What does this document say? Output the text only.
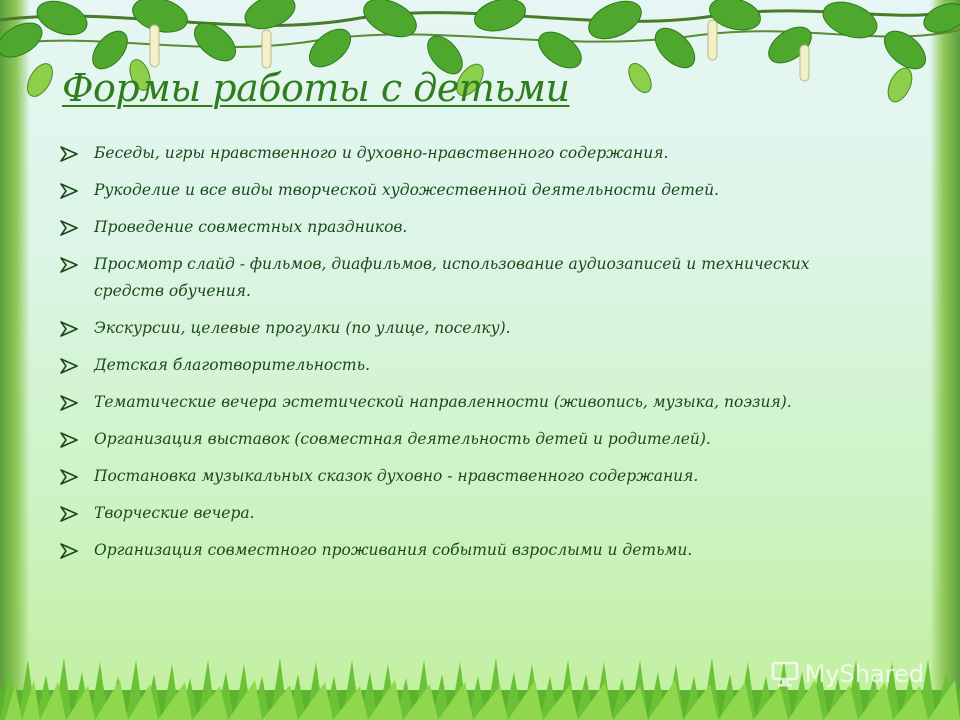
Формы работы с детьми
Беседы, игры нравственного и духовно-нравственного содержания.
Рукоделие и все виды творческой художественной деятельности детей.
Проведение совместных праздников.
Просмотр слайд - фильмов, диафильмов, использование аудиозаписей и технических средств обучения.
Экскурсии, целевые прогулки (по улице, поселку).
Детская благотворительность.
Тематические вечера эстетической направленности (живопись, музыка, поэзия).
Организация выставок (совместная деятельность детей и родителей).
Постановка музыкальных сказок духовно - нравственного содержания.
Творческие вечера.
Организация совместного проживания событий взрослыми и детьми.
MyShared
